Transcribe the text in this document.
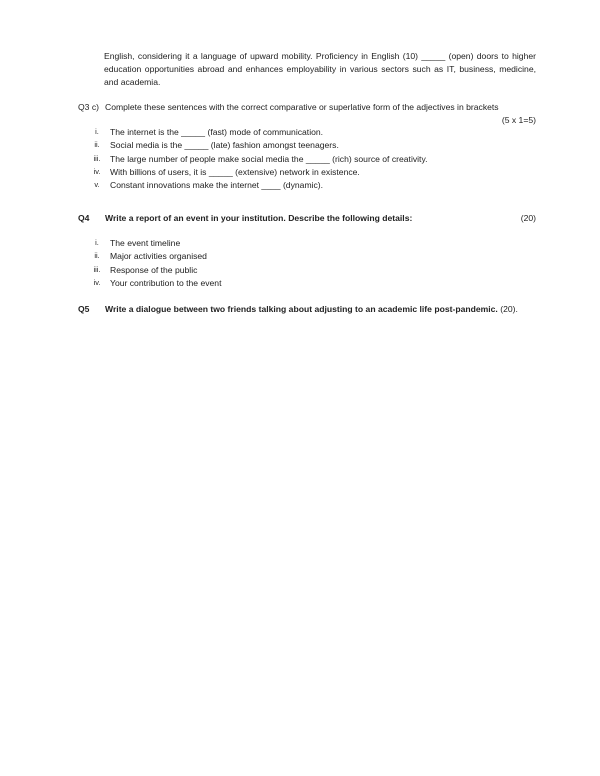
English, considering it a language of upward mobility. Proficiency in English (10) _____ (open) doors to higher education opportunities abroad and enhances employability in various sectors such as IT, business, medicine, and academia.
Q3 c) Complete these sentences with the correct comparative or superlative form of the adjectives in brackets
(5 x 1=5)
i.	The internet is the _____ (fast) mode of communication.
ii.	Social media is the _____ (late) fashion amongst teenagers.
iii.	The large number of people make social media the _____ (rich) source of creativity.
iv.	With billions of users, it is _____ (extensive) network in existence.
v.	Constant innovations make the internet ____ (dynamic).
Q4	Write a report of an event in your institution. Describe the following details:	(20)
i.	The event timeline
ii.	Major activities organised
iii.	Response of the public
iv.	Your contribution to the event
Q5	Write a dialogue between two friends talking about adjusting to an academic life post-pandemic. (20).
